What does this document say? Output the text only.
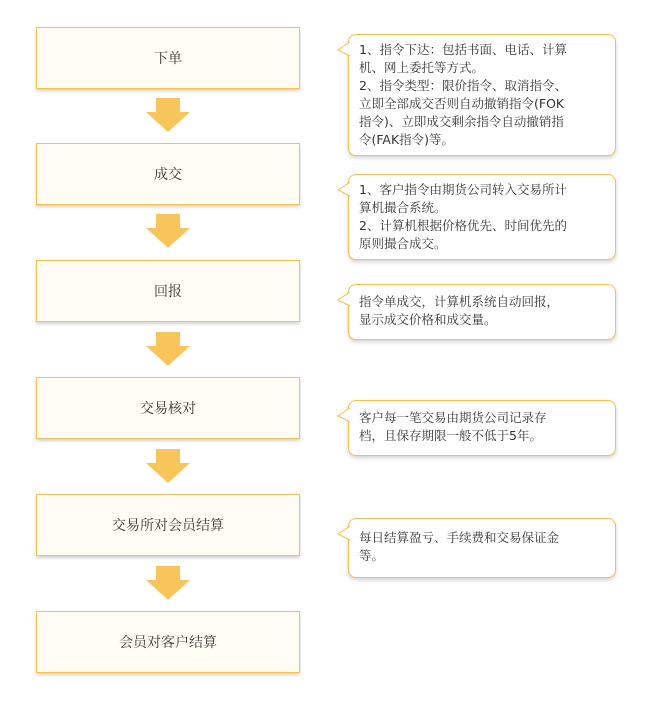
下单
成交
回报
交易核对
交易所对会员结算
会员对客户结算
1、指令下达：包括书面、电话、计算
机、网上委托等方式。
2、指令类型：限价指令、取消指令、
立即全部成交否则自动撤销指令(FOK
指令)、立即成交剩余指令自动撤销指
令(FAK指令)等。
1、客户指令由期货公司转入交易所计
算机撮合系统。
2、计算机根据价格优先、时间优先的
原则撮合成交。
指令单成交，计算机系统自动回报，
显示成交价格和成交量。
客户每一笔交易由期货公司记录存
档，且保存期限一般不低于5年。
每日结算盈亏、手续费和交易保证金
等。
